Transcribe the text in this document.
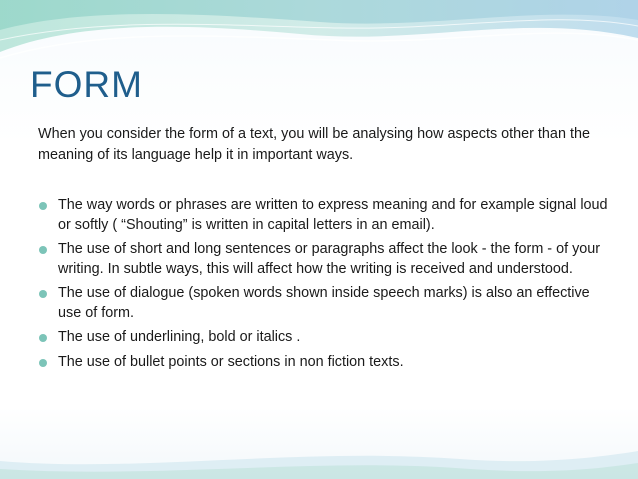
FORM

When you consider the form of a text, you will be analysing how aspects other than the meaning of its language help it in important ways.

The way words or phrases are written to express meaning and for example signal loud or softly ( “Shouting” is written in capital letters in an email).
The use of short and long sentences or paragraphs affect the look - the form - of your writing. In subtle ways, this will affect how the writing is received and understood.
The use of dialogue (spoken words shown inside speech marks) is also an effective use of form.
The use of underlining, bold or italics .
The use of bullet points or sections in non fiction texts.
